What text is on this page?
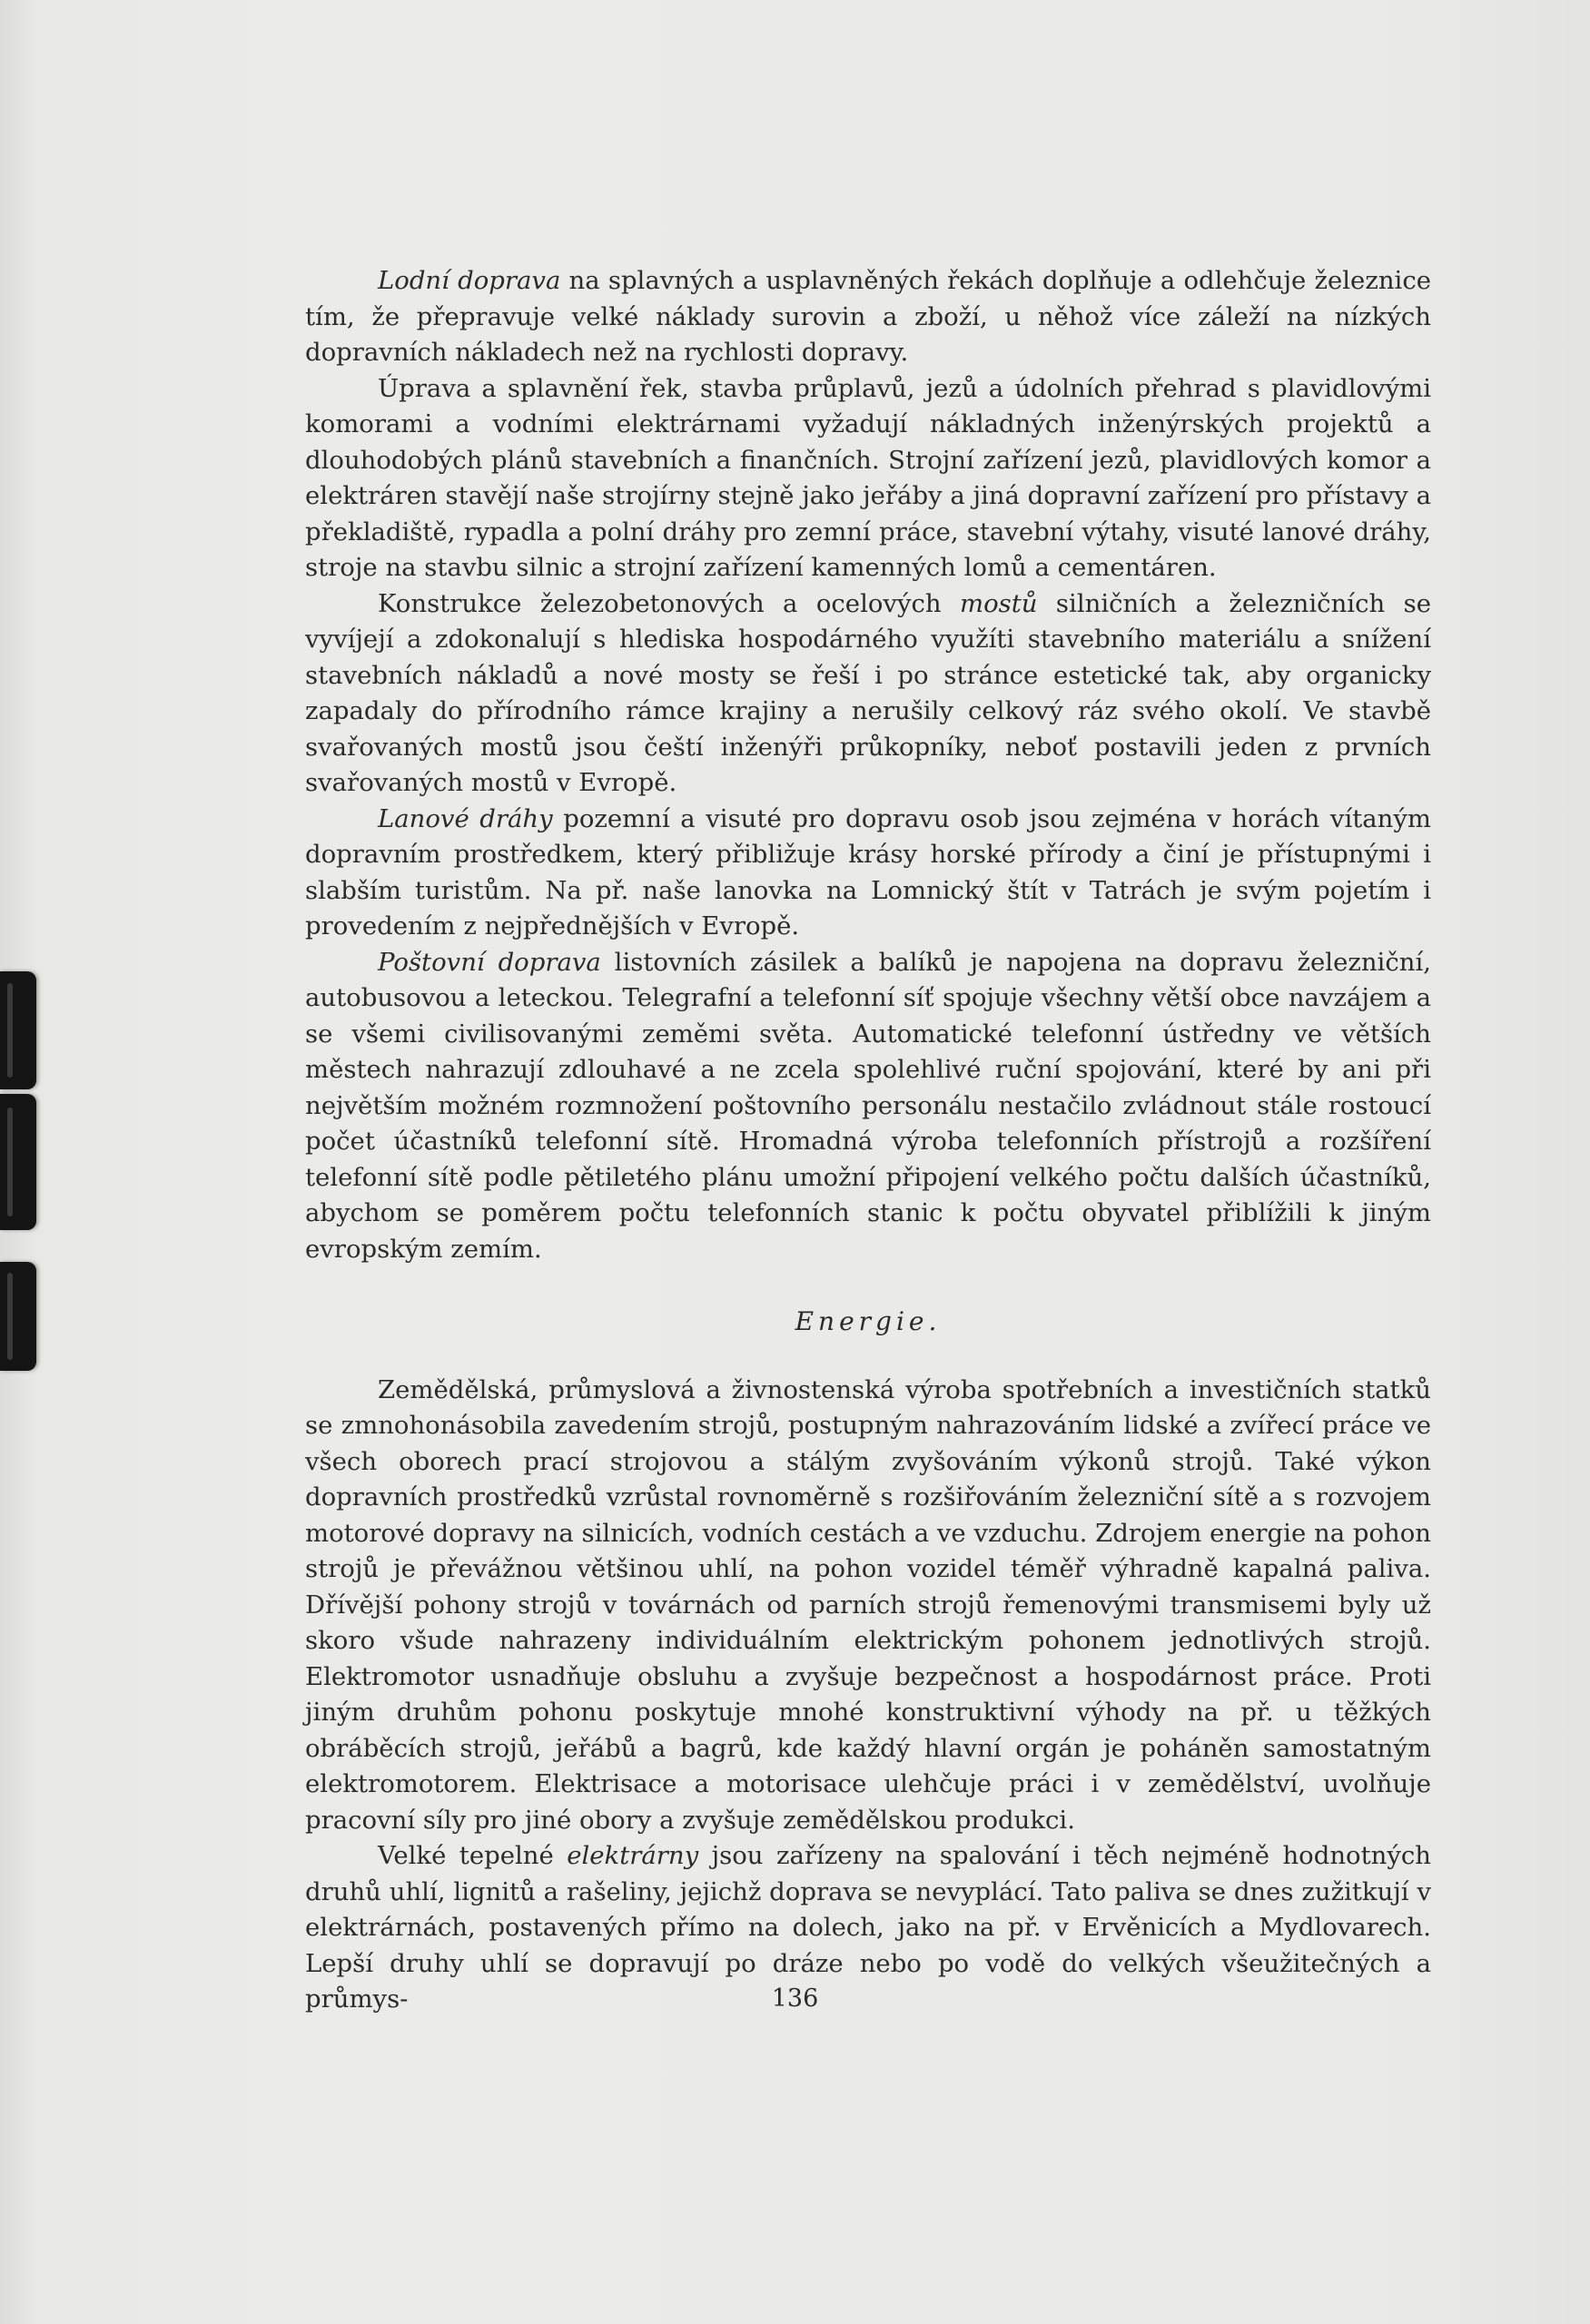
Lodní doprava na splavných a usplavněných řekách doplňuje a odlehčuje železnice tím, že přepravuje velké náklady surovin a zboží, u něhož více záleží na nízkých dopravních nákladech než na rychlosti dopravy.

Úprava a splavnění řek, stavba průplavů, jezů a údolních přehrad s plavidlovými komorami a vodními elektrárnami vyžadují nákladných inženýrských projektů a dlouhodobých plánů stavebních a finančních. Strojní zařízení jezů, plavidlových komor a elektráren stavějí naše strojírny stejně jako jeřáby a jiná dopravní zařízení pro přístavy a překladiště, rypadla a polní dráhy pro zemní práce, stavební výtahy, visuté lanové dráhy, stroje na stavbu silnic a strojní zařízení kamenných lomů a cementáren.

Konstrukce železobetonových a ocelových mostů silničních a železničních se vyvíjejí a zdokonalují s hlediska hospodárného využíti stavebního materiálu a snížení stavebních nákladů a nové mosty se řeší i po stránce estetické tak, aby organicky zapadaly do přírodního rámce krajiny a nerušily celkový ráz svého okolí. Ve stavbě svařovaných mostů jsou čeští inženýři průkopníky, neboť postavili jeden z prvních svařovaných mostů v Evropě.

Lanové dráhy pozemní a visuté pro dopravu osob jsou zejména v horách vítaným dopravním prostředkem, který přibližuje krásy horské přírody a činí je přístupnými i slabším turistům. Na př. naše lanovka na Lomnický štít v Tatrách je svým pojetím i provedením z nejpřednějších v Evropě.

Poštovní doprava listovních zásilek a balíků je napojena na dopravu železniční, autobusovou a leteckou. Telegrafní a telefonní síť spojuje všechny větší obce navzájem a se všemi civilisovanými zeměmi světa. Automatické telefonní ústředny ve větších městech nahrazují zdlouhavé a ne zcela spolehlivé ruční spojování, které by ani při největším možném rozmnožení poštovního personálu nestačilo zvládnout stále rostoucí počet účastníků telefonní sítě. Hromadná výroba telefonních přístrojů a rozšíření telefonní sítě podle pětiletého plánu umožní připojení velkého počtu dalších účastníků, abychom se poměrem počtu telefonních stanic k počtu obyvatel přiblížili k jiným evropským zemím.

Energie.

Zemědělská, průmyslová a živnostenská výroba spotřebních a investičních statků se zmnohonásobila zavedením strojů, postupným nahrazováním lidské a zvířecí práce ve všech oborech prací strojovou a stálým zvyšováním výkonů strojů. Také výkon dopravních prostředků vzrůstal rovnoměrně s rozšiřováním železniční sítě a s rozvojem motorové dopravy na silnicích, vodních cestách a ve vzduchu. Zdrojem energie na pohon strojů je převážnou většinou uhlí, na pohon vozidel téměř výhradně kapalná paliva. Dřívější pohony strojů v továrnách od parních strojů řemenovými transmisemi byly už skoro všude nahrazeny individuálním elektrickým pohonem jednotlivých strojů. Elektromotor usnadňuje obsluhu a zvyšuje bezpečnost a hospodárnost práce. Proti jiným druhům pohonu poskytuje mnohé konstruktivní výhody na př. u těžkých obráběcích strojů, jeřábů a bagrů, kde každý hlavní orgán je poháněn samostatným elektromotorem. Elektrisace a motorisace ulehčuje práci i v zemědělství, uvolňuje pracovní síly pro jiné obory a zvyšuje zemědělskou produkci.

Velké tepelné elektrárny jsou zařízeny na spalování i těch nejméně hodnotných druhů uhlí, lignitů a rašeliny, jejichž doprava se nevyplácí. Tato paliva se dnes zužitkují v elektrárnách, postavených přímo na dolech, jako na př. v Ervěnicích a Mydlovarech. Lepší druhy uhlí se dopravují po dráze nebo po vodě do velkých všeužitečných a průmys-	136
